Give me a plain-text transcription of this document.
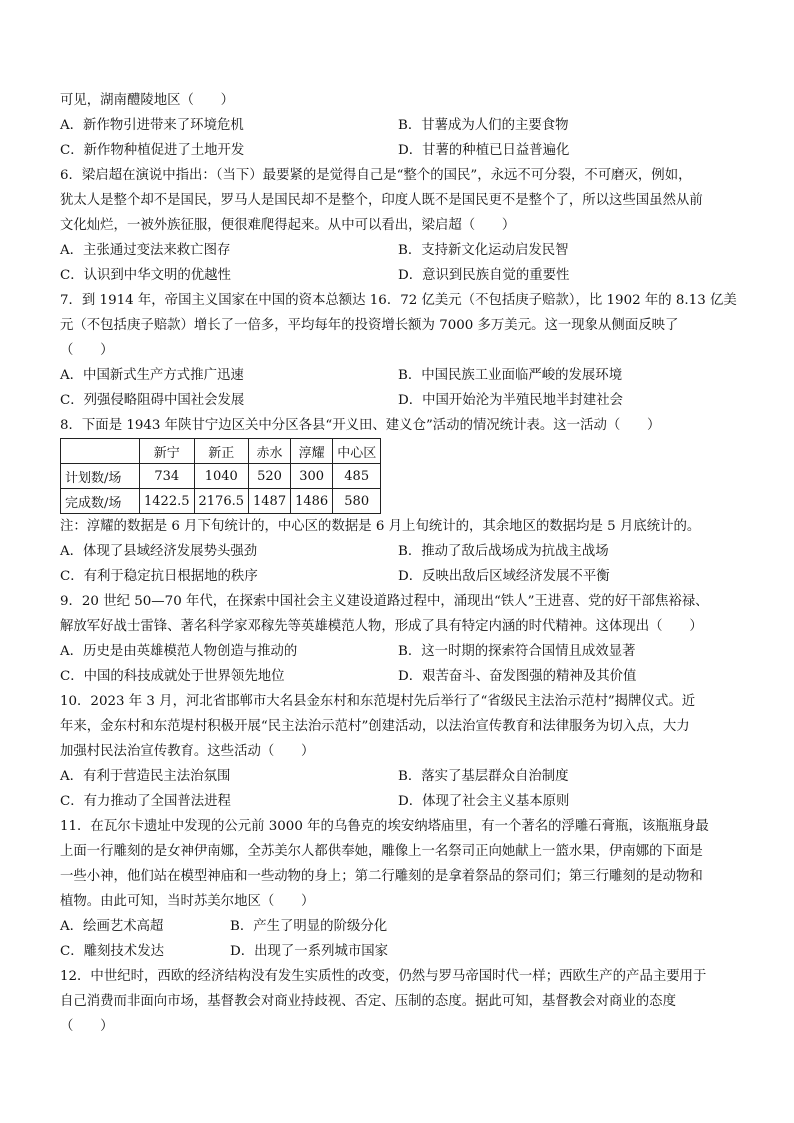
可见，湖南醴陵地区（　　）
A．新作物引进带来了环境危机	B．甘薯成为人们的主要食物
C．新作物种植促进了土地开发	D．甘薯的种植已日益普遍化
6．梁启超在演说中指出：（当下）最要紧的是觉得自己是“整个的国民”，永远不可分裂，不可磨灭，例如，
犹太人是整个却不是国民，罗马人是国民却不是整个，印度人既不是国民更不是整个了，所以这些国虽然从前
文化灿烂，一被外族征服，便很难爬得起来。从中可以看出，梁启超（　　）
A．主张通过变法来救亡图存	B．支持新文化运动启发民智
C．认识到中华文明的优越性	D．意识到民族自觉的重要性
7．到 1914 年，帝国主义国家在中国的资本总额达 16．72 亿美元（不包括庚子赔款），比 1902 年的 8.13 亿美
元（不包括庚子赔款）增长了一倍多，平均每年的投资增长额为 7000 多万美元。这一现象从侧面反映了
（　　）
A．中国新式生产方式推广迅速	B．中国民族工业面临严峻的发展环境
C．列强侵略阻碍中国社会发展	D．中国开始沦为半殖民地半封建社会
8．下面是 1943 年陕甘宁边区关中分区各县“开义田、建义仓”活动的情况统计表。这一活动（　　）
	新宁	新正	赤水	淳耀	中心区
计划数/场	734	1040	520	300	485
完成数/场	1422.5	2176.5	1487	1486	580
注：淳耀的数据是 6 月下旬统计的，中心区的数据是 6 月上旬统计的，其余地区的数据均是 5 月底统计的。
A．体现了县域经济发展势头强劲	B．推动了敌后战场成为抗战主战场
C．有利于稳定抗日根据地的秩序	D．反映出敌后区域经济发展不平衡
9．20 世纪 50—70 年代，在探索中国社会主义建设道路过程中，涌现出“铁人”王进喜、党的好干部焦裕禄、
解放军好战士雷锋、著名科学家邓稼先等英雄模范人物，形成了具有特定内涵的时代精神。这体现出（　　）
A．历史是由英雄模范人物创造与推动的	B．这一时期的探索符合国情且成效显著
C．中国的科技成就处于世界领先地位	D．艰苦奋斗、奋发图强的精神及其价值
10．2023 年 3 月，河北省邯郸市大名县金东村和东范堤村先后举行了“省级民主法治示范村”揭牌仪式。近
年来，金东村和东范堤村积极开展“民主法治示范村”创建活动，以法治宣传教育和法律服务为切入点，大力
加强村民法治宣传教育。这些活动（　　）
A．有利于营造民主法治氛围	B．落实了基层群众自治制度
C．有力推动了全国普法进程	D．体现了社会主义基本原则
11．在瓦尔卡遗址中发现的公元前 3000 年的乌鲁克的埃安纳塔庙里，有一个著名的浮雕石膏瓶，该瓶瓶身最
上面一行雕刻的是女神伊南娜，全苏美尔人都供奉她，雕像上一名祭司正向她献上一篮水果，伊南娜的下面是
一些小神，他们站在模型神庙和一些动物的身上；第二行雕刻的是拿着祭品的祭司们；第三行雕刻的是动物和
植物。由此可知，当时苏美尔地区（　　）
A．绘画艺术高超	B．产生了明显的阶级分化
C．雕刻技术发达	D．出现了一系列城市国家
12．中世纪时，西欧的经济结构没有发生实质性的改变，仍然与罗马帝国时代一样；西欧生产的产品主要用于
自己消费而非面向市场，基督教会对商业持歧视、否定、压制的态度。据此可知，基督教会对商业的态度
（　　）
